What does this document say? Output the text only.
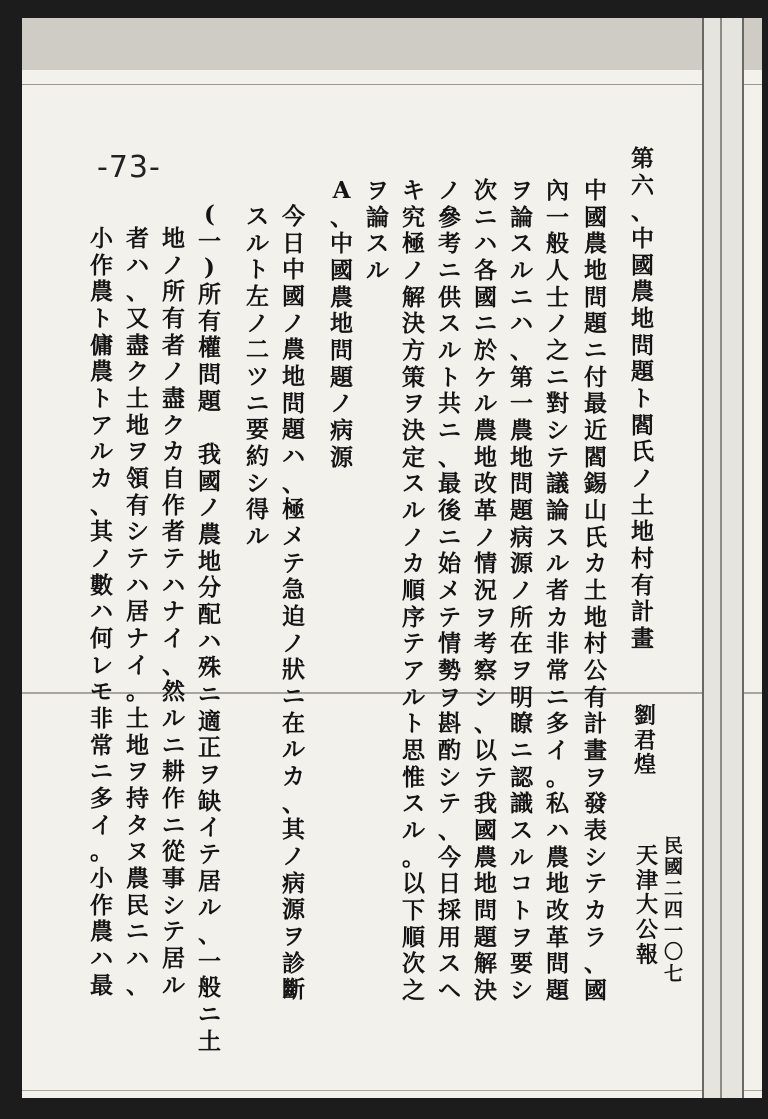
-73-	第
六
、
中
國
農
地
問
題
ト
閻
氏
ノ
土
地
村
有
計
畫
劉
君
煌
民
國
二
四
一
〇
七
天
津
大
公
報
中
國
農
地
問
題
ニ
付
最
近
閻
錫
山
氏
カ
土
地
村
公
有
計
畫
ヲ
發
表
シ
テ
カ
ラ
、
國
內
一
般
人
士
ノ
之
ニ
對
シ
テ
議
論
ス
ル
者
カ
非
常
ニ
多
イ
。
私
ハ
農
地
改
革
問
題
ヲ
論
ス
ル
ニ
ハ
、
第
一
農
地
問
題
病
源
ノ
所
在
ヲ
明
瞭
ニ
認
識
ス
ル
コ
ト
ヲ
要
シ
次
ニ
ハ
各
國
ニ
於
ケ
ル
農
地
改
革
ノ
情
況
ヲ
考
察
シ
、
以
テ
我
國
農
地
問
題
解
決
ノ
參
考
ニ
供
ス
ル
ト
共
ニ
、
最
後
ニ
始
メ
テ
情
勢
ヲ
斟
酌
シ
テ
、
今
日
採
用
ス
ヘ
キ
究
極
ノ
解
決
方
策
ヲ
決
定
ス
ル
ノ
カ
順
序
テ
ア
ル
ト
思
惟
ス
ル
。
以
下
順
次
之
ヲ
論
ス
ル
A
、
中
國
農
地
問
題
ノ
病
源
今
日
中
國
ノ
農
地
問
題
ハ
、
極
メ
テ
急
迫
ノ
狀
ニ
在
ル
カ
、
其
ノ
病
源
ヲ
診
斷
ス
ル
ト
左
ノ
二
ツ
ニ
要
約
シ
得
ル
(
一
)
所
有
權
問
題

我
國
ノ
農
地
分
配
ハ
殊
ニ
適
正
ヲ
缺
イ
テ
居
ル
、
一
般
ニ
土
地
ノ
所
有
者
ノ
盡
ク
カ
自
作
者
テ
ハ
ナ
イ
、
然
ル
ニ
耕
作
ニ
從
事
シ
テ
居
ル
者
ハ
、
又
盡
ク
土
地
ヲ
領
有
シ
テ
ハ
居
ナ
イ
。
土
地
ヲ
持
タ
ヌ
農
民
ニ
ハ
、
小
作
農
ト
傭
農
ト
ア
ル
カ
、
其
ノ
數
ハ
何
レ
モ
非
常
ニ
多
イ
。
小
作
農
ハ
最
